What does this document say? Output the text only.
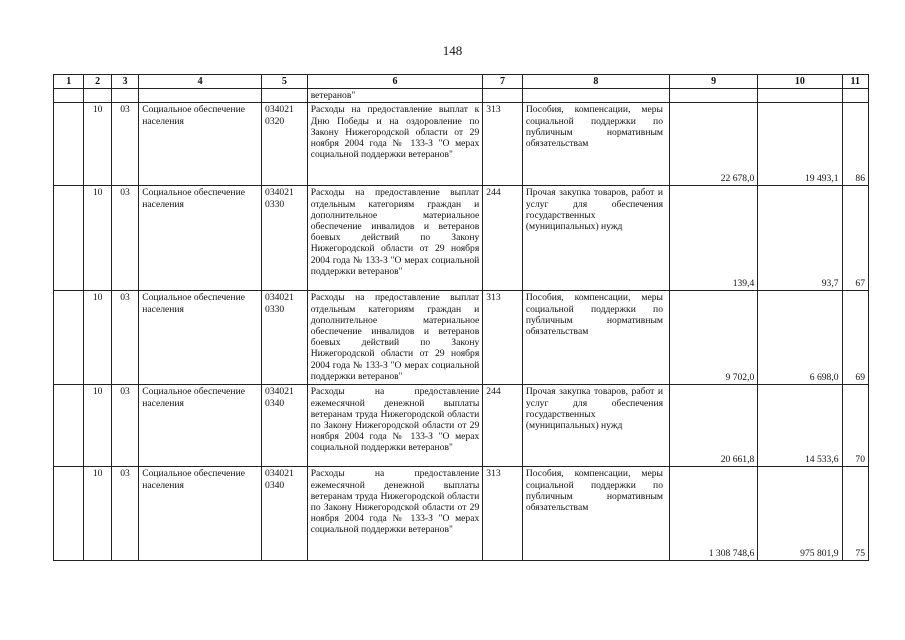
148
1	2	3	4	5	6	7	8	9	10	11
					ветеранов"					
	10	03	Социальное обеспечение населения	034021 0320	Расходы на предоставление выплат к Дню Победы и на оздоровление по Закону Нижегородской области от 29 ноября 2004 года № 133-З "О мерах социальной поддержки ветеранов"	313	Пособия, компенсации, меры социальной поддержки по публичным нормативным обязательствам	22 678,0	19 493,1	86
	10	03	Социальное обеспечение населения	034021 0330	Расходы на предоставление выплат отдельным категориям граждан и дополнительное материальное обеспечение инвалидов и ветеранов боевых действий по Закону Нижегородской области от 29 ноября 2004 года № 133-З "О мерах социальной поддержки ветеранов"	244	Прочая закупка товаров, работ и услуг для обеспечения государственных (муниципальных) нужд	139,4	93,7	67
	10	03	Социальное обеспечение населения	034021 0330	Расходы на предоставление выплат отдельным категориям граждан и дополнительное материальное обеспечение инвалидов и ветеранов боевых действий по Закону Нижегородской области от 29 ноября 2004 года № 133-З "О мерах социальной поддержки ветеранов"	313	Пособия, компенсации, меры социальной поддержки по публичным нормативным обязательствам	9 702,0	6 698,0	69
	10	03	Социальное обеспечение населения	034021 0340	Расходы на предоставление ежемесячной денежной выплаты ветеранам труда Нижегородской области по Закону Нижегородской области от 29 ноября 2004 года № 133-З "О мерах социальной поддержки ветеранов"	244	Прочая закупка товаров, работ и услуг для обеспечения государственных (муниципальных) нужд	20 661,8	14 533,6	70
	10	03	Социальное обеспечение населения	034021 0340	Расходы на предоставление ежемесячной денежной выплаты ветеранам труда Нижегородской области по Закону Нижегородской области от 29 ноября 2004 года № 133-З "О мерах социальной поддержки ветеранов"	313	Пособия, компенсации, меры социальной поддержки по публичным нормативным обязательствам	1 308 748,6	975 801,9	75
